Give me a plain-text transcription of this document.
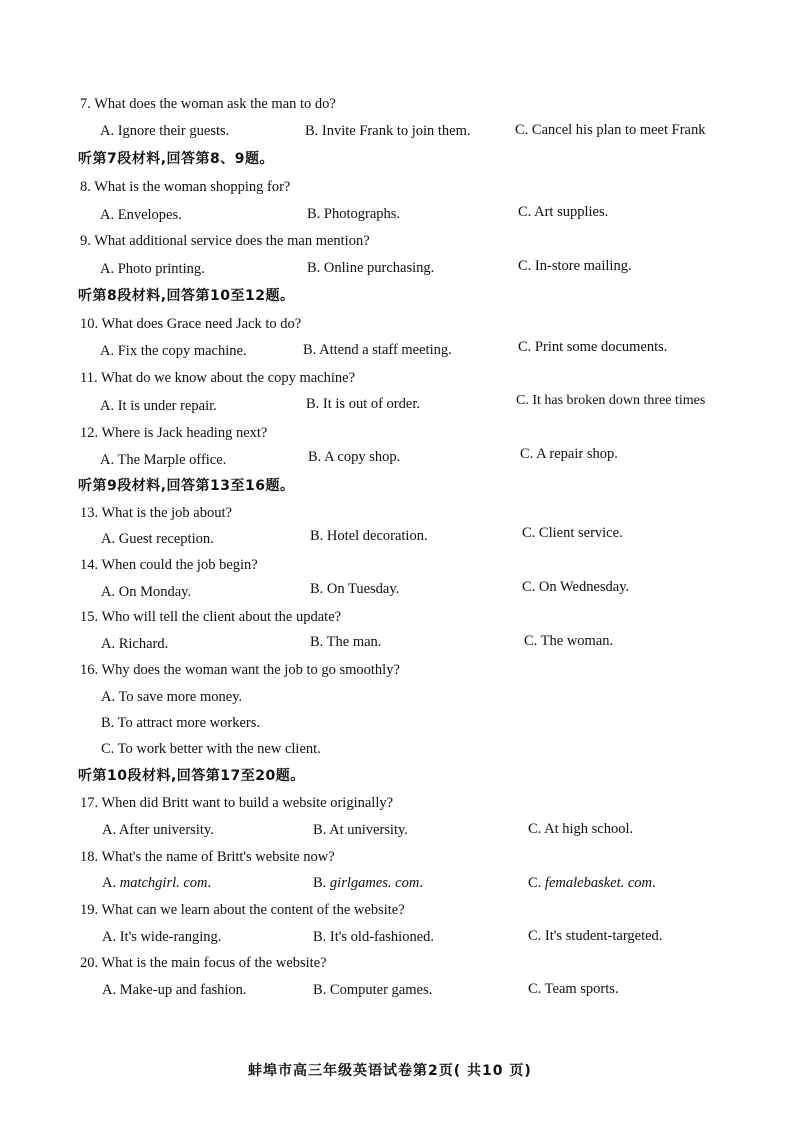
7. What does the woman ask the man to do?
A. Ignore their guests.	B. Invite Frank to join them.	C. Cancel his plan to meet Frank
听第7段材料,回答第8、9题。
8. What is the woman shopping for?
A. Envelopes.	B. Photographs.	C. Art supplies.
9. What additional service does the man mention?
A. Photo printing.	B. Online purchasing.	C. In-store mailing.
听第8段材料,回答第10至12题。
10. What does Grace need Jack to do?
A. Fix the copy machine.	B. Attend a staff meeting.	C. Print some documents.
11. What do we know about the copy machine?
A. It is under repair.	B. It is out of order.	C. It has broken down three times
12. Where is Jack heading next?
A. The Marple office.	B. A copy shop.	C. A repair shop.
听第9段材料,回答第13至16题。
13. What is the job about?
A. Guest reception.	B. Hotel decoration.	C. Client service.
14. When could the job begin?
A. On Monday.	B. On Tuesday.	C. On Wednesday.
15. Who will tell the client about the update?
A. Richard.	B. The man.	C. The woman.
16. Why does the woman want the job to go smoothly?
A. To save more money.
B. To attract more workers.
C. To work better with the new client.
听第10段材料,回答第17至20题。
17. When did Britt want to build a website originally?
A. After university.	B. At university.	C. At high school.
18. What's the name of Britt's website now?
A. matchgirl. com.	B. girlgames. com.	C. femalebasket. com.
19. What can we learn about the content of the website?
A. It's wide-ranging.	B. It's old-fashioned.	C. It's student-targeted.
20. What is the main focus of the website?
A. Make-up and fashion.	B. Computer games.	C. Team sports.
蚌埠市高三年级英语试卷第2页( 共10 页)
